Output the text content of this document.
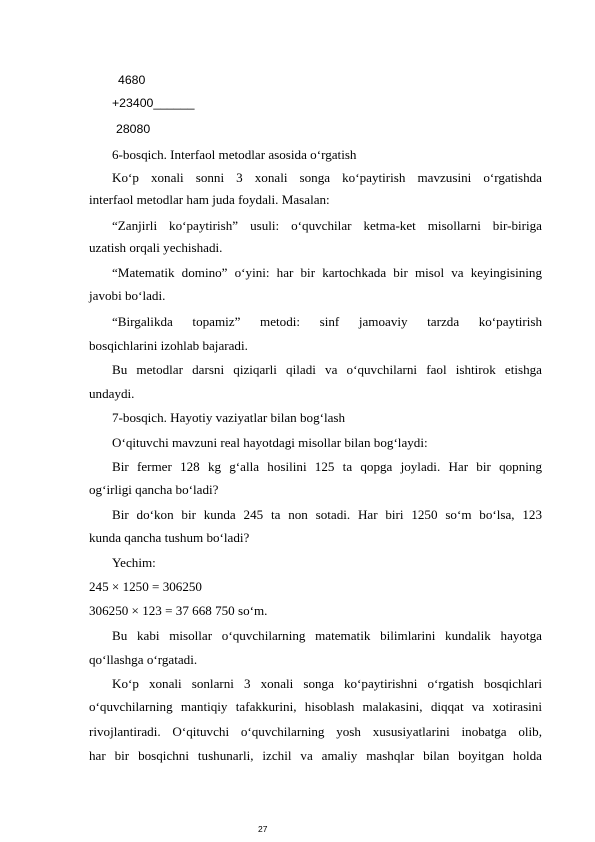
4680
+23400______
28080
6-bosqich. Interfaol metodlar asosida o‘rgatish
Ko‘p xonali sonni 3 xonali songa ko‘paytirish mavzusini o‘rgatishda
interfaol metodlar ham juda foydali. Masalan:
“Zanjirli ko‘paytirish” usuli: o‘quvchilar ketma-ket misollarni bir-biriga
uzatish orqali yechishadi.
“Matematik domino” o‘yini: har bir kartochkada bir misol va keyingisining
javobi bo‘ladi.
“Birgalikda topamiz” metodi: sinf jamoaviy tarzda ko‘paytirish
bosqichlarini izohlab bajaradi.
Bu metodlar darsni qiziqarli qiladi va o‘quvchilarni faol ishtirok etishga
undaydi.
7-bosqich. Hayotiy vaziyatlar bilan bog‘lash
O‘qituvchi mavzuni real hayotdagi misollar bilan bog‘laydi:
Bir fermer 128 kg g‘alla hosilini 125 ta qopga joyladi. Har bir qopning
og‘irligi qancha bo‘ladi?
Bir do‘kon bir kunda 245 ta non sotadi. Har biri 1250 so‘m bo‘lsa, 123
kunda qancha tushum bo‘ladi?
Yechim:
245 × 1250 = 306250
306250 × 123 = 37 668 750 so‘m.
Bu kabi misollar o‘quvchilarning matematik bilimlarini kundalik hayotga
qo‘llashga o‘rgatadi.
Ko‘p xonali sonlarni 3 xonali songa ko‘paytirishni o‘rgatish bosqichlari
o‘quvchilarning mantiqiy tafakkurini, hisoblash malakasini, diqqat va xotirasini
rivojlantiradi. O‘qituvchi o‘quvchilarning yosh xususiyatlarini inobatga olib,
har bir bosqichni tushunarli, izchil va amaliy mashqlar bilan boyitgan holda
27
